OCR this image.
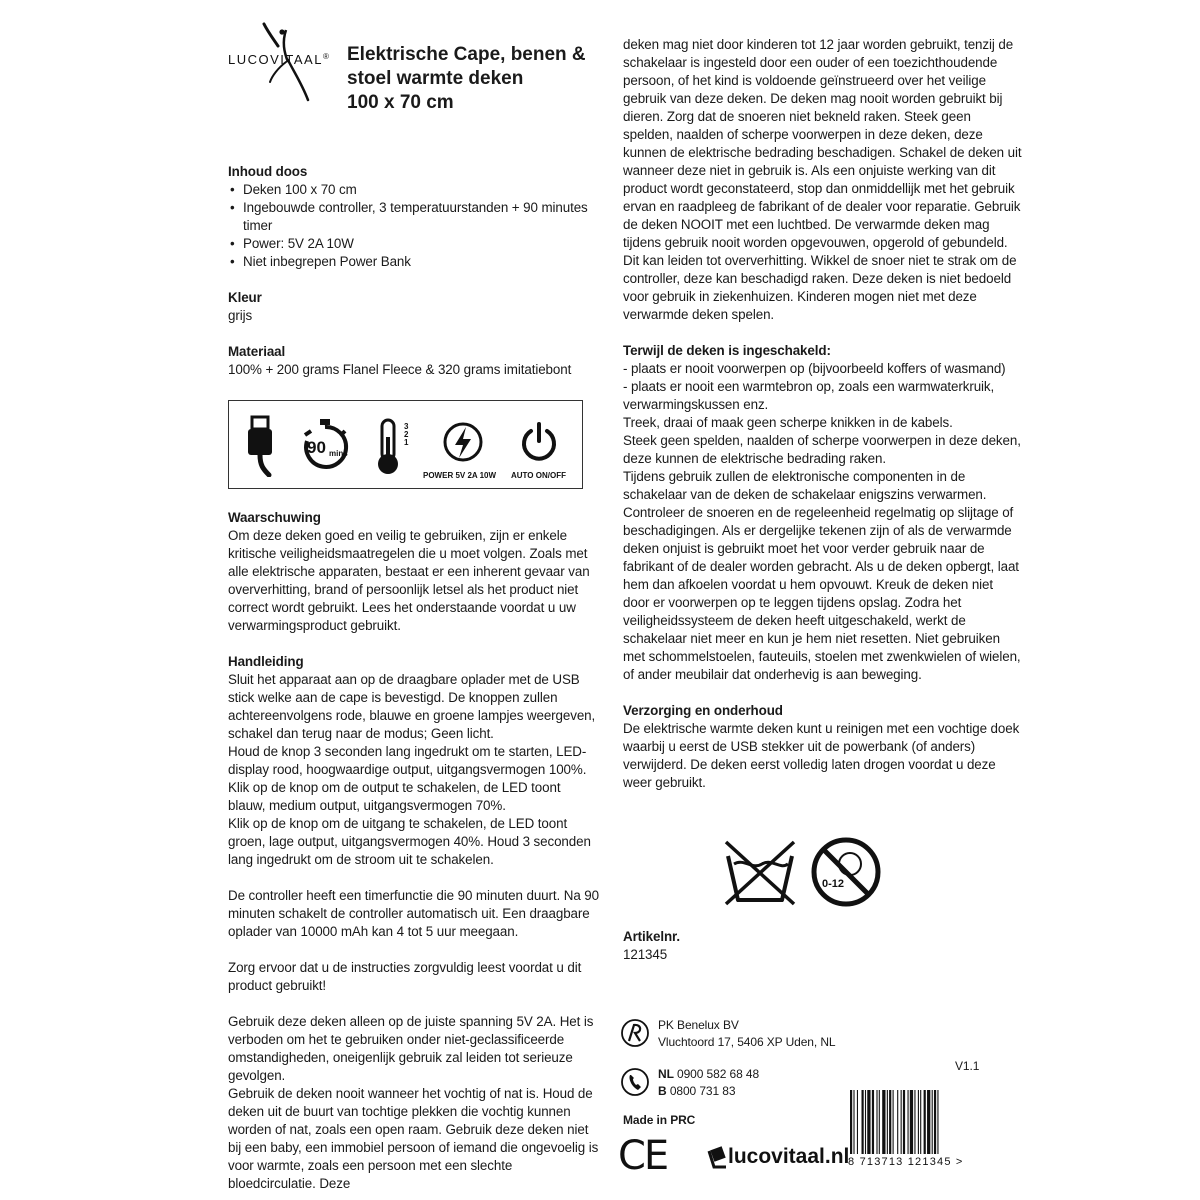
LUCOVITAAL® Elektrische Cape, benen &
stoel warmte deken
100 x 70 cm

Inhoud doos

• Deken 100 x 70 cm
• Ingebouwde controller, 3 temperatuurstanden + 90 minutes timer
• Power: 5V 2A 10W
• Niet inbegrepen Power Bank

Kleur

grijs

Materiaal

100% + 200 grams Flanel Fleece & 320 grams imitatiebont

90 mins
3
2
1
POWER 5V 2A 10W AUTO ON/OFF

Waarschuwing

Om deze deken goed en veilig te gebruiken, zijn er enkele kritische veiligheidsmaatregelen die u moet volgen. Zoals met alle elektrische apparaten, bestaat er een inherent gevaar van oververhitting, brand of persoonlijk letsel als het product niet correct wordt gebruikt. Lees het onderstaande voordat u uw verwarmingsproduct gebruikt.

Handleiding

Sluit het apparaat aan op de draagbare oplader met de USB stick welke aan de cape is bevestigd. De knoppen zullen achtereenvolgens rode, blauwe en groene lampjes weergeven, schakel dan terug naar de modus; Geen licht.
Houd de knop 3 seconden lang ingedrukt om te starten, LED-display rood, hoogwaardige output, uitgangsvermogen 100%.
Klik op de knop om de output te schakelen, de LED toont blauw, medium output, uitgangsvermogen 70%.
Klik op de knop om de uitgang te schakelen, de LED toont groen, lage output, uitgangsvermogen 40%. Houd 3 seconden lang ingedrukt om de stroom uit te schakelen.

De controller heeft een timerfunctie die 90 minuten duurt. Na 90 minuten schakelt de controller automatisch uit. Een draagbare oplader van 10000 mAh kan 4 tot 5 uur meegaan.

Zorg ervoor dat u de instructies zorgvuldig leest voordat u dit product gebruikt!

Gebruik deze deken alleen op de juiste spanning 5V 2A. Het is verboden om het te gebruiken onder niet-geclassificeerde omstandigheden, oneigenlijk gebruik zal leiden tot serieuze gevolgen.
Gebruik de deken nooit wanneer het vochtig of nat is. Houd de deken uit de buurt van tochtige plekken die vochtig kunnen worden of nat, zoals een open raam. Gebruik deze deken niet bij een baby, een immobiel persoon of iemand die ongevoelig is voor warmte, zoals een persoon met een slechte bloedcirculatie. Deze

deken mag niet door kinderen tot 12 jaar worden gebruikt, tenzij de schakelaar is ingesteld door een ouder of een toezichthoudende persoon, of het kind is voldoende geïnstrueerd over het veilige gebruik van deze deken. De deken mag nooit worden gebruikt bij dieren. Zorg dat de snoeren niet bekneld raken. Steek geen spelden, naalden of scherpe voorwerpen in deze deken, deze kunnen de elektrische bedrading beschadigen. Schakel de deken uit wanneer deze niet in gebruik is. Als een onjuiste werking van dit product wordt geconstateerd, stop dan onmiddellijk met het gebruik ervan en raadpleeg de fabrikant of de dealer voor reparatie. Gebruik de deken NOOIT met een luchtbed. De verwarmde deken mag tijdens gebruik nooit worden opgevouwen, opgerold of gebundeld. Dit kan leiden tot oververhitting. Wikkel de snoer niet te strak om de controller, deze kan beschadigd raken. Deze deken is niet bedoeld voor gebruik in ziekenhuizen. Kinderen mogen niet met deze verwarmde deken spelen.

Terwijl de deken is ingeschakeld:

- plaats er nooit voorwerpen op (bijvoorbeeld koffers of wasmand)
- plaats er nooit een warmtebron op, zoals een warmwaterkruik, verwarmingskussen enz.
Treek, draai of maak geen scherpe knikken in de kabels.
Steek geen spelden, naalden of scherpe voorwerpen in deze deken, deze kunnen de elektrische bedrading raken.
Tijdens gebruik zullen de elektronische componenten in de schakelaar van de deken de schakelaar enigszins verwarmen. Controleer de snoeren en de regeleenheid regelmatig op slijtage of beschadigingen. Als er dergelijke tekenen zijn of als de verwarmde deken onjuist is gebruikt moet het voor verder gebruik naar de fabrikant of de dealer worden gebracht. Als u de deken opbergt, laat hem dan afkoelen voordat u hem opvouwt. Kreuk de deken niet door er voorwerpen op te leggen tijdens opslag. Zodra het veiligheidssysteem de deken heeft uitgeschakeld, werkt de schakelaar niet meer en kun je hem niet resetten. Niet gebruiken met schommelstoelen, fauteuils, stoelen met zwenkwielen of wielen, of ander meubilair dat onderhevig is aan beweging.

Verzorging en onderhoud

De elektrische warmte deken kunt u reinigen met een vochtige doek waarbij u eerst de USB stekker uit de powerbank (of anders) verwijderd. De deken eerst volledig laten drogen voordat u deze weer gebruikt.

0-12

Artikelnr.

121345

PK Benelux BV

Vluchtoord 17, 5406 XP Uden, NL

NL 0900 582 68 48

B 0800 731 83

V1.1
Made in PRC
CE	lucovitaal.nl
8 713713 121345 >
